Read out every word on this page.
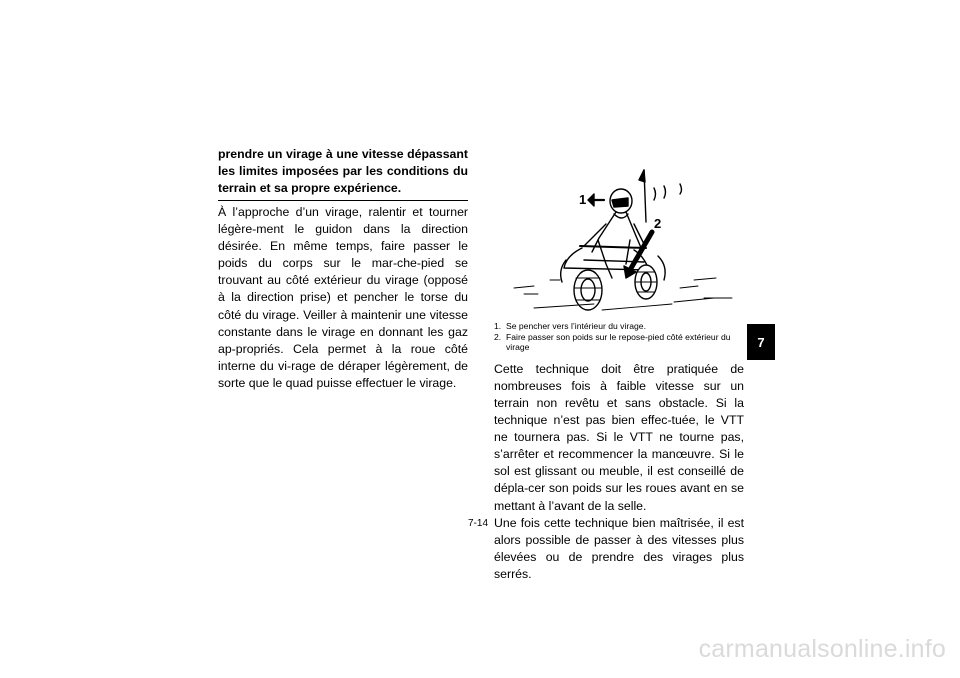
prendre un virage à une vitesse dépassant les limites imposées par les conditions du terrain et sa propre expérience.

À l’approche d’un virage, ralentir et tourner légère-ment le guidon dans la direction désirée. En même temps, faire passer le poids du corps sur le mar-che-pied se trouvant au côté extérieur du virage (opposé à la direction prise) et pencher le torse du côté du virage. Veiller à maintenir une vitesse constante dans le virage en donnant les gaz ap-propriés. Cela permet à la roue côté interne du vi-rage de déraper légèrement, de sorte que le quad puisse effectuer le virage.

1
2
1. Se pencher vers l’intérieur du virage.
2. Faire passer son poids sur le repose-pied côté extérieur du virage

Cette technique doit être pratiquée de nombreuses fois à faible vitesse sur un terrain non revêtu et sans obstacle. Si la technique n’est pas bien effec-tuée, le VTT ne tournera pas. Si le VTT ne tourne pas, s’arrêter et recommencer la manœuvre. Si le sol est glissant ou meuble, il est conseillé de dépla-cer son poids sur les roues avant en se mettant à l’avant de la selle.

Une fois cette technique bien maîtrisée, il est alors possible de passer à des vitesses plus élevées ou de prendre des virages plus serrés.

7
7-14
carmanualsonline.info
